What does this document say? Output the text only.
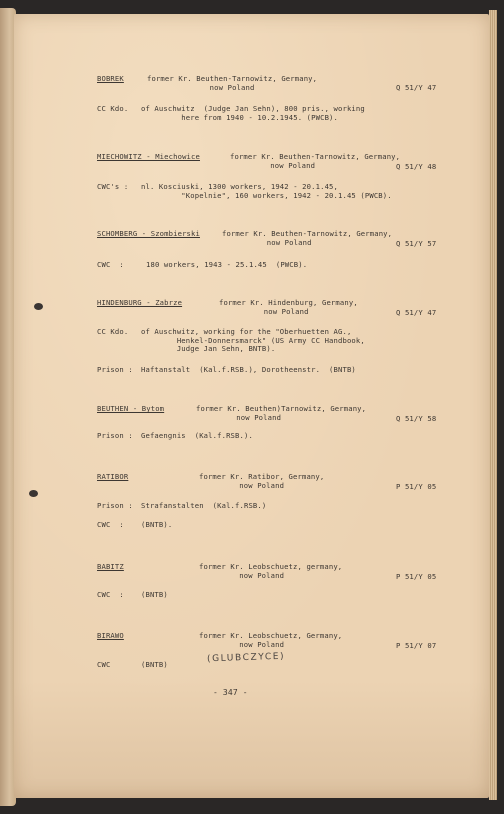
BOBREK	former Kr. Beuthen-Tarnowitz, Germany,
now Poland	Q 51/Y 47

CC Kdo. of Auschwitz  (Judge Jan Sehn), 800 pris., working
here from 1940 - 10.2.1945. (PWCB).

MIECHOWITZ - Miechowice	former Kr. Beuthen-Tarnowitz, Germany,
now Poland	Q 51/Y 48

CWC's : nl. Kosciuski, 1300 workers, 1942 - 20.1.45,
"Kopelnie", 160 workers, 1942 - 20.1.45 (PWCB).

SCHOMBERG - Szombierski	former Kr. Beuthen-Tarnowitz, Germany,
now Poland	Q 51/Y 57

CWC  :	180 workers, 1943 - 25.1.45  (PWCB).

HINDENBURG - Zabrze	former Kr. Hindenburg, Germany,
now Poland	Q 51/Y 47

CC Kdo. of Auschwitz, working for the "Oberhuetten AG.,
Henkel-Donnersmarck" (US Army CC Handbook,
Judge Jan Sehn, BNTB).

Prison : Haftanstalt  (Kal.f.RSB.), Dorotheenstr.  (BNTB)

BEUTHEN - Bytom	former Kr. Beuthen)Tarnowitz, Germany,
now Poland	Q 51/Y 58

Prison : Gefaengnis  (Kal.f.RSB.).

RATIBOR	former Kr. Ratibor, Germany,
now Poland	P 51/Y 05

Prison : Strafanstalten  (Kal.f.RSB.)

CWC  : (BNTB).

BABITZ	former Kr. Leobschuetz, germany,
now Poland	P 51/Y 05

CWC  : (BNTB)

BIRAWO	former Kr. Leobschuetz, Germany,
now Poland	P 51/Y 07

CWC	(BNTB)

(GLUBCZYCE)

- 347 -
